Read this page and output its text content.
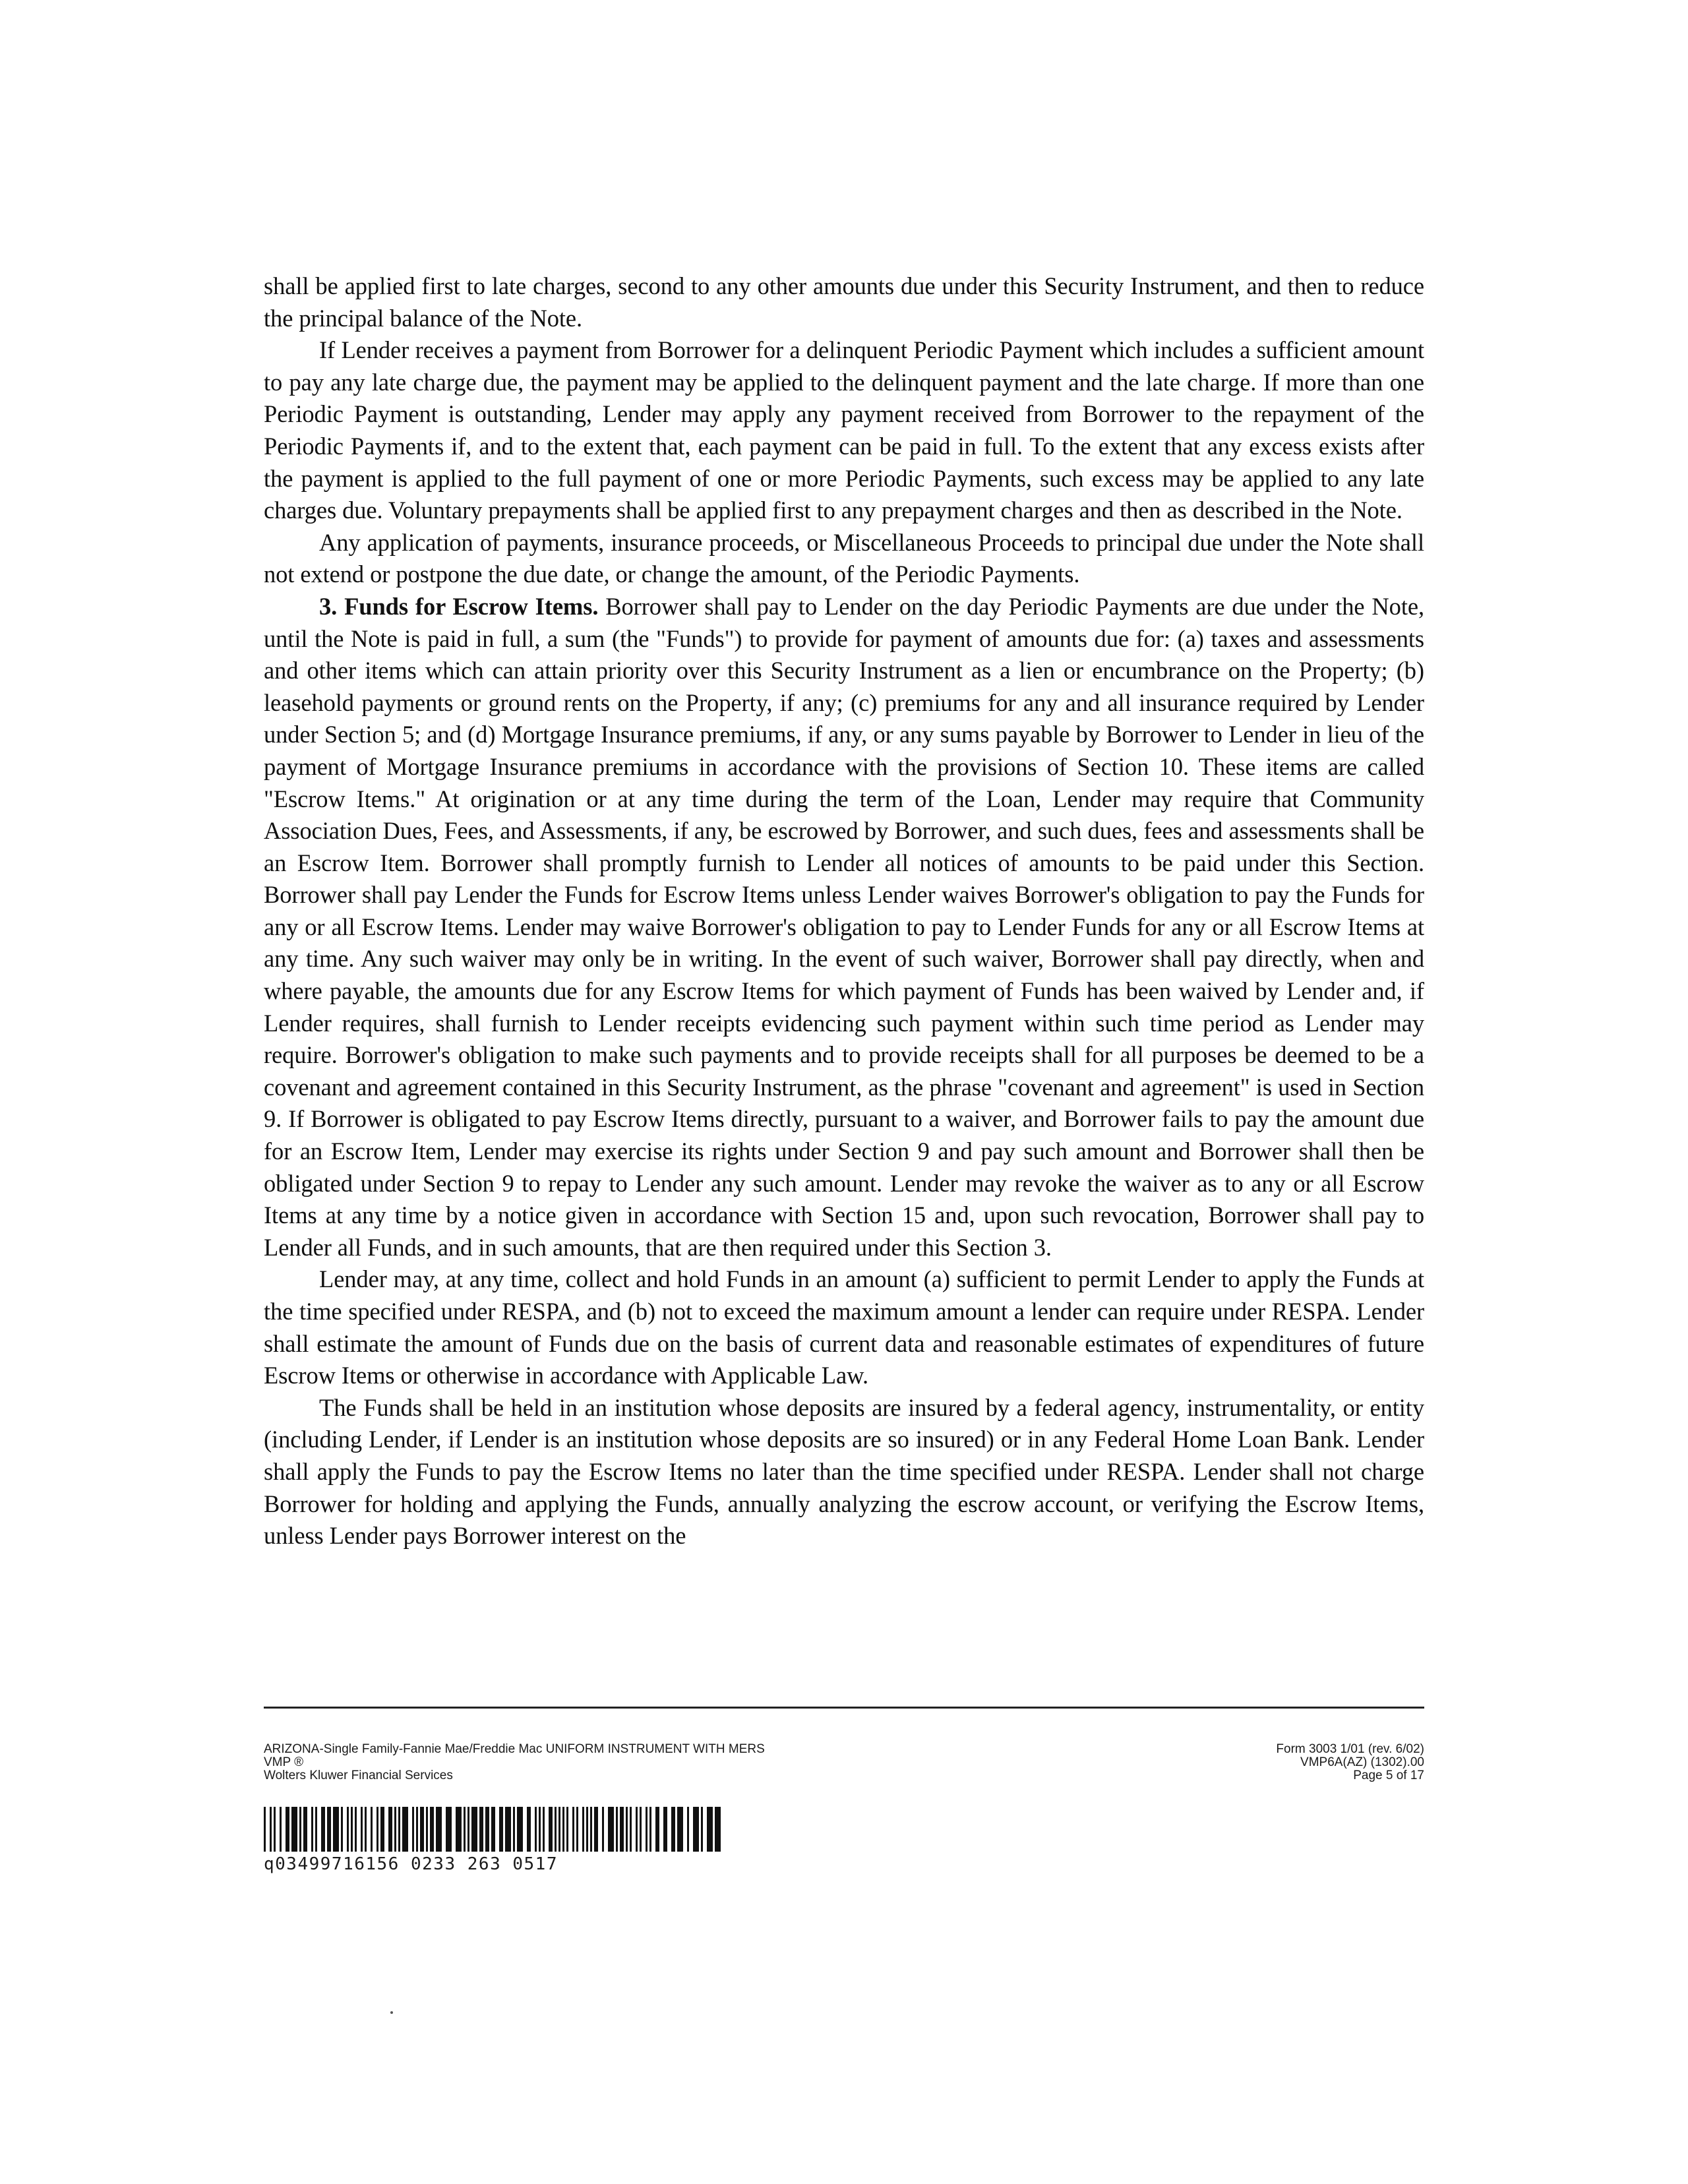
shall be applied first to late charges, second to any other amounts due under this Security Instrument, and then to reduce the principal balance of the Note.

If Lender receives a payment from Borrower for a delinquent Periodic Payment which includes a sufficient amount to pay any late charge due, the payment may be applied to the delinquent payment and the late charge. If more than one Periodic Payment is outstanding, Lender may apply any payment received from Borrower to the repayment of the Periodic Payments if, and to the extent that, each payment can be paid in full. To the extent that any excess exists after the payment is applied to the full payment of one or more Periodic Payments, such excess may be applied to any late charges due. Voluntary prepayments shall be applied first to any prepayment charges and then as described in the Note.

Any application of payments, insurance proceeds, or Miscellaneous Proceeds to principal due under the Note shall not extend or postpone the due date, or change the amount, of the Periodic Payments.

3. Funds for Escrow Items. Borrower shall pay to Lender on the day Periodic Payments are due under the Note, until the Note is paid in full, a sum (the "Funds") to provide for payment of amounts due for: (a) taxes and assessments and other items which can attain priority over this Security Instrument as a lien or encumbrance on the Property; (b) leasehold payments or ground rents on the Property, if any; (c) premiums for any and all insurance required by Lender under Section 5; and (d) Mortgage Insurance premiums, if any, or any sums payable by Borrower to Lender in lieu of the payment of Mortgage Insurance premiums in accordance with the provisions of Section 10. These items are called "Escrow Items." At origination or at any time during the term of the Loan, Lender may require that Community Association Dues, Fees, and Assessments, if any, be escrowed by Borrower, and such dues, fees and assessments shall be an Escrow Item. Borrower shall promptly furnish to Lender all notices of amounts to be paid under this Section. Borrower shall pay Lender the Funds for Escrow Items unless Lender waives Borrower's obligation to pay the Funds for any or all Escrow Items. Lender may waive Borrower's obligation to pay to Lender Funds for any or all Escrow Items at any time. Any such waiver may only be in writing. In the event of such waiver, Borrower shall pay directly, when and where payable, the amounts due for any Escrow Items for which payment of Funds has been waived by Lender and, if Lender requires, shall furnish to Lender receipts evidencing such payment within such time period as Lender may require. Borrower's obligation to make such payments and to provide receipts shall for all purposes be deemed to be a covenant and agreement contained in this Security Instrument, as the phrase "covenant and agreement" is used in Section 9. If Borrower is obligated to pay Escrow Items directly, pursuant to a waiver, and Borrower fails to pay the amount due for an Escrow Item, Lender may exercise its rights under Section 9 and pay such amount and Borrower shall then be obligated under Section 9 to repay to Lender any such amount. Lender may revoke the waiver as to any or all Escrow Items at any time by a notice given in accordance with Section 15 and, upon such revocation, Borrower shall pay to Lender all Funds, and in such amounts, that are then required under this Section 3.

Lender may, at any time, collect and hold Funds in an amount (a) sufficient to permit Lender to apply the Funds at the time specified under RESPA, and (b) not to exceed the maximum amount a lender can require under RESPA. Lender shall estimate the amount of Funds due on the basis of current data and reasonable estimates of expenditures of future Escrow Items or otherwise in accordance with Applicable Law.

The Funds shall be held in an institution whose deposits are insured by a federal agency, instrumentality, or entity (including Lender, if Lender is an institution whose deposits are so insured) or in any Federal Home Loan Bank. Lender shall apply the Funds to pay the Escrow Items no later than the time specified under RESPA. Lender shall not charge Borrower for holding and applying the Funds, annually analyzing the escrow account, or verifying the Escrow Items, unless Lender pays Borrower interest on the

ARIZONA-Single Family-Fannie Mae/Freddie Mac UNIFORM INSTRUMENT WITH MERS
VMP ®
Wolters Kluwer Financial Services
Form 3003 1/01 (rev. 6/02)
VMP6A(AZ) (1302).00
Page 5 of 17
q03499716156 0233 263 0517
